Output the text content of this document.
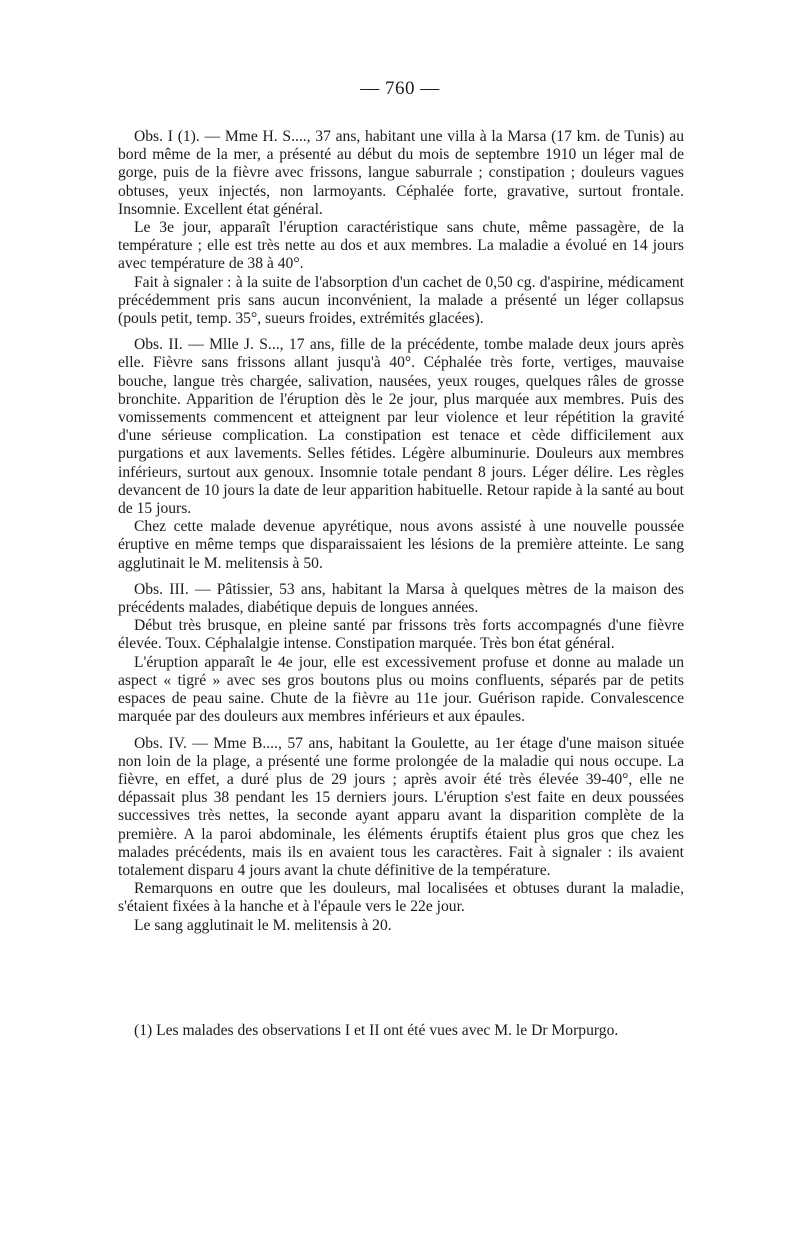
— 760 —

Obs. I (1). — Mme H. S...., 37 ans, habitant une villa à la Marsa (17 km. de Tunis) au bord même de la mer, a présenté au début du mois de septembre 1910 un léger mal de gorge, puis de la fièvre avec frissons, langue saburrale ; constipation ; douleurs vagues obtuses, yeux injectés, non larmoyants. Céphalée forte, gravative, surtout frontale. Insomnie. Excellent état général.

Le 3e jour, apparaît l'éruption caractéristique sans chute, même passagère, de la température ; elle est très nette au dos et aux membres. La maladie a évolué en 14 jours avec température de 38 à 40°.

Fait à signaler : à la suite de l'absorption d'un cachet de 0,50 cg. d'aspirine, médicament précédemment pris sans aucun inconvénient, la malade a présenté un léger collapsus (pouls petit, temp. 35°, sueurs froides, extrémités glacées).

Obs. II. — Mlle J. S..., 17 ans, fille de la précédente, tombe malade deux jours après elle. Fièvre sans frissons allant jusqu'à 40°. Céphalée très forte, vertiges, mauvaise bouche, langue très chargée, salivation, nausées, yeux rouges, quelques râles de grosse bronchite. Apparition de l'éruption dès le 2e jour, plus marquée aux membres. Puis des vomissements commencent et atteignent par leur violence et leur répétition la gravité d'une sérieuse complication. La constipation est tenace et cède difficilement aux purgations et aux lavements. Selles fétides. Légère albuminurie. Douleurs aux membres inférieurs, surtout aux genoux. Insomnie totale pendant 8 jours. Léger délire. Les règles devancent de 10 jours la date de leur apparition habituelle. Retour rapide à la santé au bout de 15 jours.

Chez cette malade devenue apyrétique, nous avons assisté à une nouvelle poussée éruptive en même temps que disparaissaient les lésions de la première atteinte. Le sang agglutinait le M. melitensis à 50.

Obs. III. — Pâtissier, 53 ans, habitant la Marsa à quelques mètres de la maison des précédents malades, diabétique depuis de longues années.

Début très brusque, en pleine santé par frissons très forts accompagnés d'une fièvre élevée. Toux. Céphalalgie intense. Constipation marquée. Très bon état général.

L'éruption apparaît le 4e jour, elle est excessivement profuse et donne au malade un aspect « tigré » avec ses gros boutons plus ou moins confluents, séparés par de petits espaces de peau saine. Chute de la fièvre au 11e jour. Guérison rapide. Convalescence marquée par des douleurs aux membres inférieurs et aux épaules.

Obs. IV. — Mme B...., 57 ans, habitant la Goulette, au 1er étage d'une maison située non loin de la plage, a présenté une forme prolongée de la maladie qui nous occupe. La fièvre, en effet, a duré plus de 29 jours ; après avoir été très élevée 39-40°, elle ne dépassait plus 38 pendant les 15 derniers jours. L'éruption s'est faite en deux poussées successives très nettes, la seconde ayant apparu avant la disparition complète de la première. A la paroi abdominale, les éléments éruptifs étaient plus gros que chez les malades précédents, mais ils en avaient tous les caractères. Fait à signaler : ils avaient totalement disparu 4 jours avant la chute définitive de la température.

Remarquons en outre que les douleurs, mal localisées et obtuses durant la maladie, s'étaient fixées à la hanche et à l'épaule vers le 22e jour.

Le sang agglutinait le M. melitensis à 20.

(1) Les malades des observations I et II ont été vues avec M. le Dr Morpurgo.
